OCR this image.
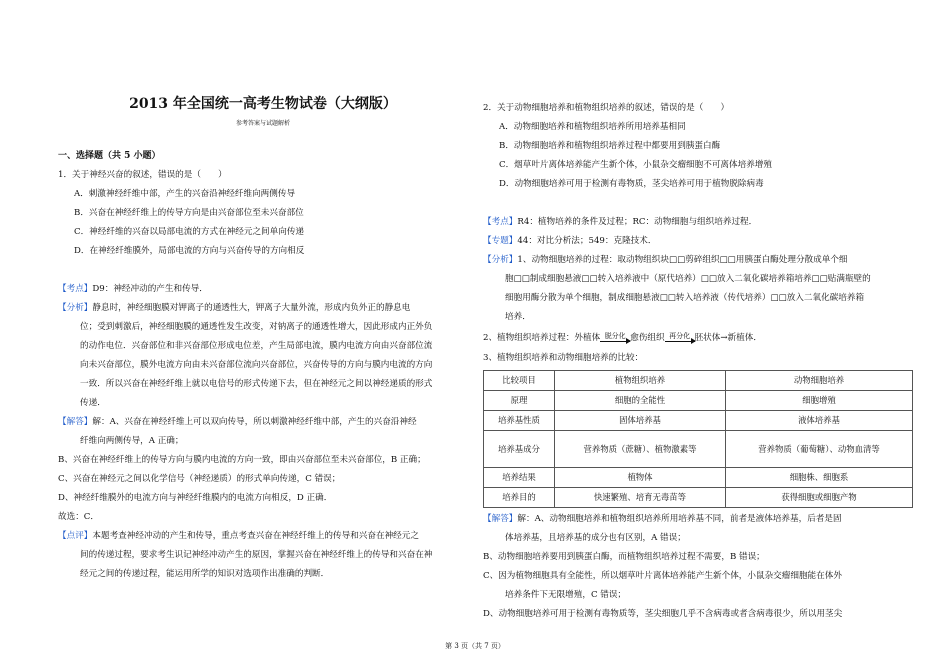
2013 年全国统一高考生物试卷（大纲版）

参考答案与试题解析

一、选择题（共 5 小题）

1．关于神经兴奋的叙述，错误的是（　　）

A．刺激神经纤维中部，产生的兴奋沿神经纤维向两侧传导

B．兴奋在神经纤维上的传导方向是由兴奋部位至未兴奋部位

C．神经纤维的兴奋以局部电流的方式在神经元之间单向传递

D．在神经纤维膜外，局部电流的方向与兴奋传导的方向相反

【考点】D9：神经冲动的产生和传导．

【分析】静息时，神经细胞膜对钾离子的通透性大，钾离子大量外流，形成内负外正的静息电

位；受到刺激后，神经细胞膜的通透性发生改变，对钠离子的通透性增大，因此形成内正外负

的动作电位．兴奋部位和非兴奋部位形成电位差，产生局部电流，膜内电流方向由兴奋部位流

向未兴奋部位，膜外电流方向由未兴奋部位流向兴奋部位，兴奋传导的方向与膜内电流的方向

一致．所以兴奋在神经纤维上就以电信号的形式传递下去，但在神经元之间以神经递质的形式

传递．

【解答】解：A、兴奋在神经纤维上可以双向传导，所以刺激神经纤维中部，产生的兴奋沿神经

纤维向两侧传导，A 正确；

B、兴奋在神经纤维上的传导方向与膜内电流的方向一致，即由兴奋部位至未兴奋部位，B 正确；

C、兴奋在神经元之间以化学信号（神经递质）的形式单向传递，C 错误；

D、神经纤维膜外的电流方向与神经纤维膜内的电流方向相反，D 正确．

故选：C．

【点评】本题考查神经冲动的产生和传导，重点考查兴奋在神经纤维上的传导和兴奋在神经元之

间的传递过程，要求考生识记神经冲动产生的原因，掌握兴奋在神经纤维上的传导和兴奋在神

经元之间的传递过程，能运用所学的知识对选项作出准确的判断．

2．关于动物细胞培养和植物组织培养的叙述，错误的是（　　）

A．动物细胞培养和植物组织培养所用培养基相同

B．动物细胞培养和植物组织培养过程中都要用到胰蛋白酶

C．烟草叶片离体培养能产生新个体，小鼠杂交瘤细胞不可离体培养增殖

D．动物细胞培养可用于检测有毒物质，茎尖培养可用于植物脱除病毒

【考点】R4：植物培养的条件及过程；RC：动物细胞与组织培养过程．

【专题】44：对比分析法；549：克隆技术．

【分析】1、动物细胞培养的过程：取动物组织块□□剪碎组织□□用胰蛋白酶处理分散成单个细

胞□□制成细胞悬液□□转入培养液中（原代培养）□□放入二氧化碳培养箱培养□□贴满瓶壁的

细胞用酶分散为单个细胞，制成细胞悬液□□转入培养液（传代培养）□□放入二氧化碳培养箱

培养．

2、植物组织培养过程：外植体 脱分化 愈伤组织 再分化 胚状体→新植体．

3、植物组织培养和动物细胞培养的比较：

比较项目	植物组织培养	动物细胞培养
原理	细胞的全能性	细胞增殖
培养基性质	固体培养基	液体培养基
培养基成分	营养物质（蔗糖）、植物激素等	营养物质（葡萄糖）、动物血清等
培养结果	植物体	细胞株、细胞系
培养目的	快速繁殖、培育无毒苗等	获得细胞或细胞产物

【解答】解：A、动物细胞培养和植物组织培养所用培养基不同，前者是液体培养基，后者是固

体培养基，且培养基的成分也有区别，A 错误；

B、动物细胞培养要用到胰蛋白酶，而植物组织培养过程不需要，B 错误；

C、因为植物细胞具有全能性，所以烟草叶片离体培养能产生新个体，小鼠杂交瘤细胞能在体外

培养条件下无限增殖，C 错误；

D、动物细胞培养可用于检测有毒物质等，茎尖细胞几乎不含病毒或者含病毒很少，所以用茎尖

第 3 页（共 7 页）
